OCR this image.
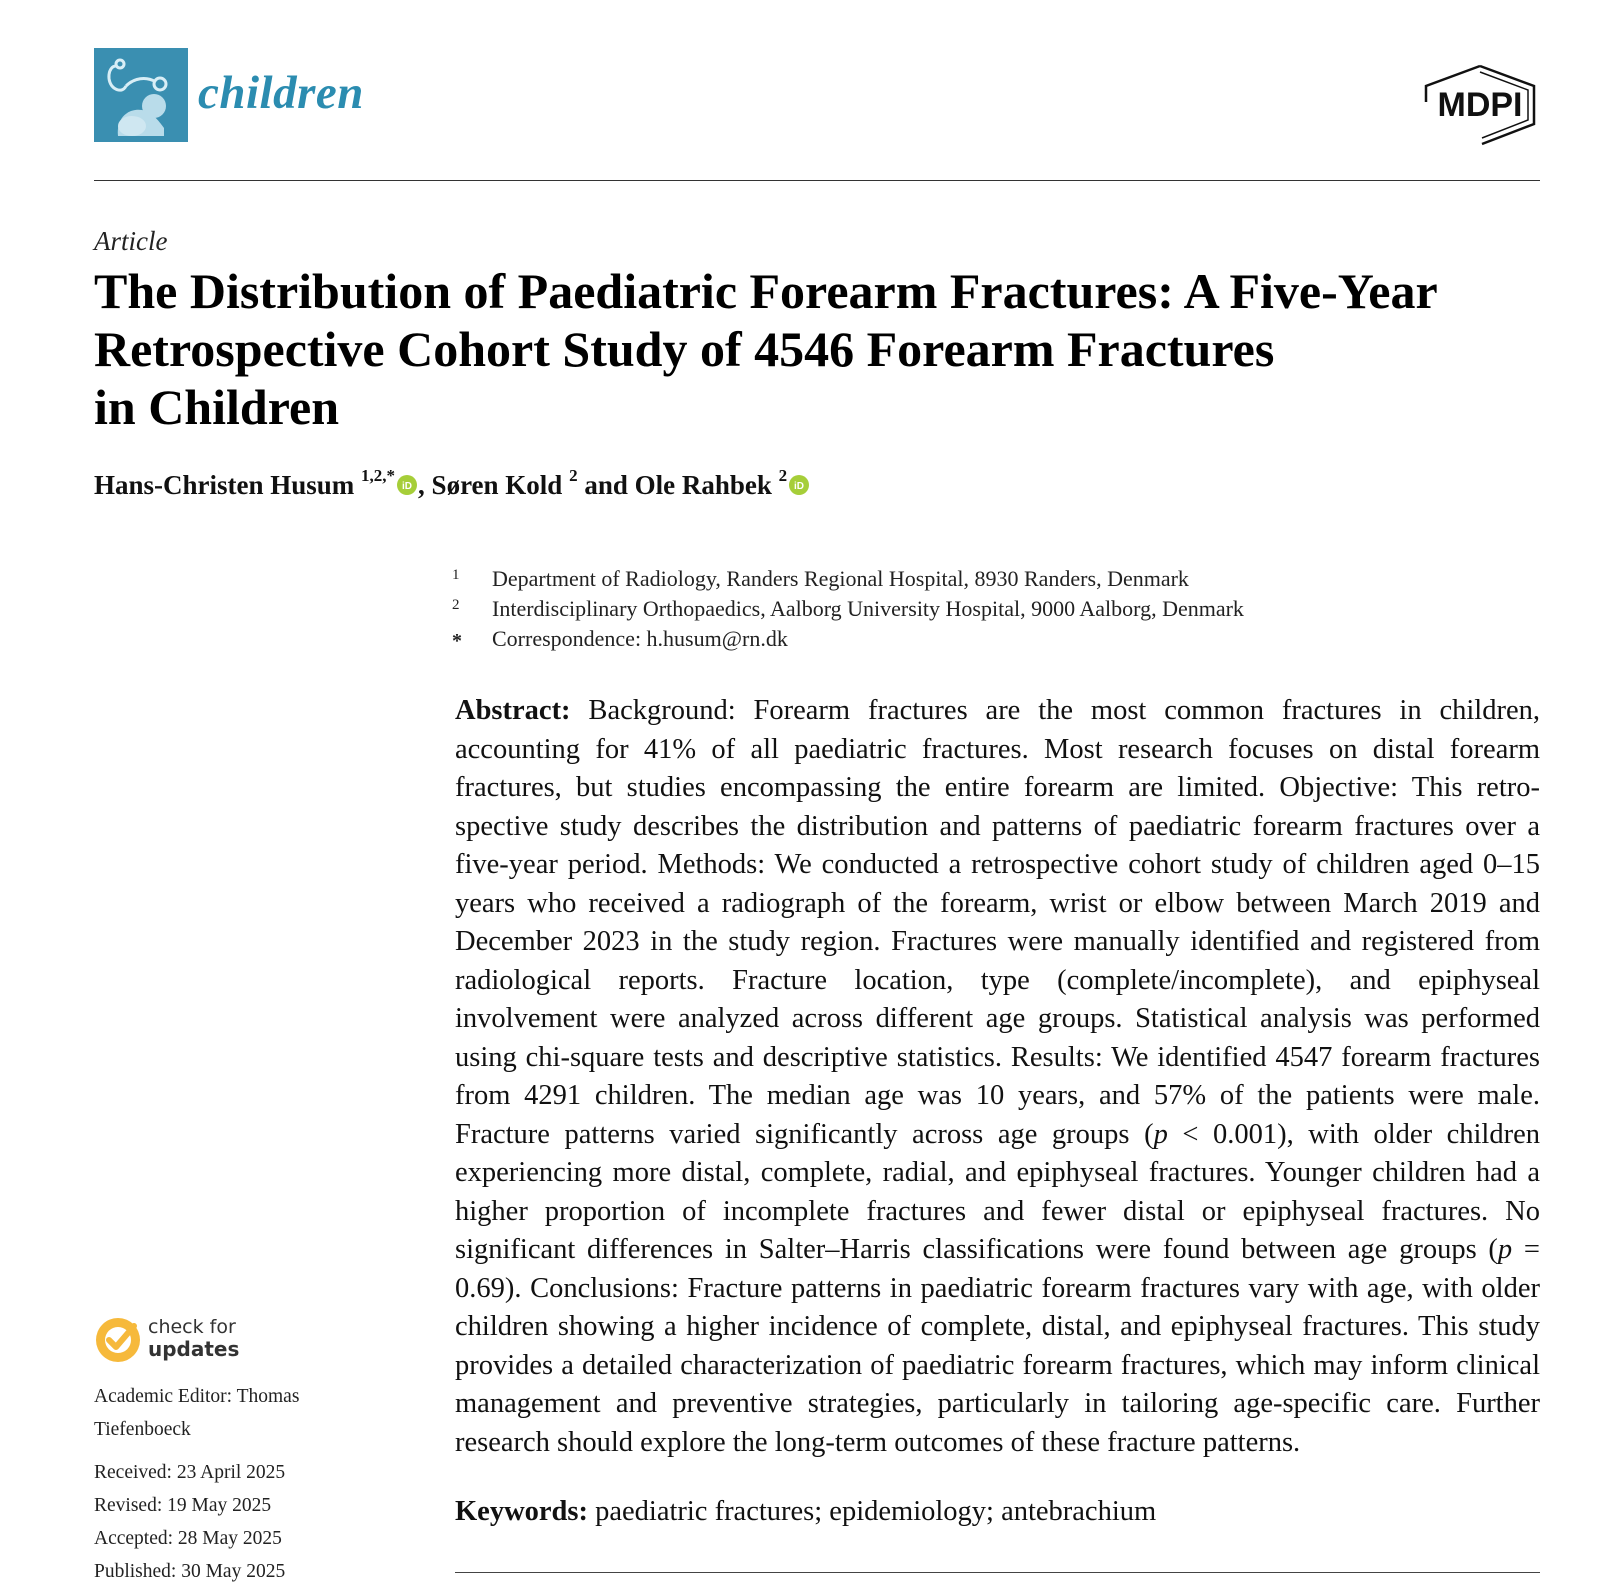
children	MDPI
Article
The Distribution of Paediatric Forearm Fractures: A Five-Year
Retrospective Cohort Study of 4546 Forearm Fractures
in Children
Hans-Christen Husum $^{1,2,*}$
iD , Søren Kold $^2$ and Ole Rahbek $^2$
iD
1 Department of Radiology, Randers Regional Hospital, 8930 Randers, Denmark
2 Interdisciplinary Orthopaedics, Aalborg University Hospital, 9000 Aalborg, Denmark
* Correspondence: h.husum@rn.dk

Abstract: Background: Forearm fractures are the most common fractures in children, accounting for 41% of all paediatric fractures. Most research focuses on distal forearm fractures, but studies encompassing the entire forearm are limited. Objective: This retrospective study describes the distribution and patterns of paediatric forearm fractures over a five-year period. Methods: We conducted a retrospective cohort study of children aged 0–15 years who received a radiograph of the forearm, wrist or elbow between March 2019 and December 2023 in the study region. Fractures were manually identified and registered from radiological reports. Fracture location, type (complete/incomplete), and epiphyseal involvement were analyzed across different age groups. Statistical analysis was performed using chi-square tests and descriptive statistics. Results: We identified 4547 forearm fractures from 4291 children. The median age was 10 years, and 57% of the patients were male. Fracture patterns varied significantly across age groups (p < 0.001), with older children experiencing more distal, complete, radial, and epiphyseal fractures. Younger children had a higher proportion of incomplete fractures and fewer distal or epiphyseal fractures. No significant differences in Salter–Harris classifications were found between age groups (p = 0.69). Conclusions: Fracture patterns in paediatric forearm fractures vary with age, with older children showing a higher incidence of complete, distal, and epiphyseal fractures. This study provides a detailed characterization of paediatric forearm fractures, which may inform clinical management and preventive strategies, particularly in tailoring age-specific care. Further research should explore the long-term outcomes of these fracture patterns.

Keywords: paediatric fractures; epidemiology; antebrachium
check for
updates
Academic Editor: Thomas Tiefenboeck
Received: 23 April 2025
Revised: 19 May 2025
Accepted: 28 May 2025
Published: 30 May 2025
